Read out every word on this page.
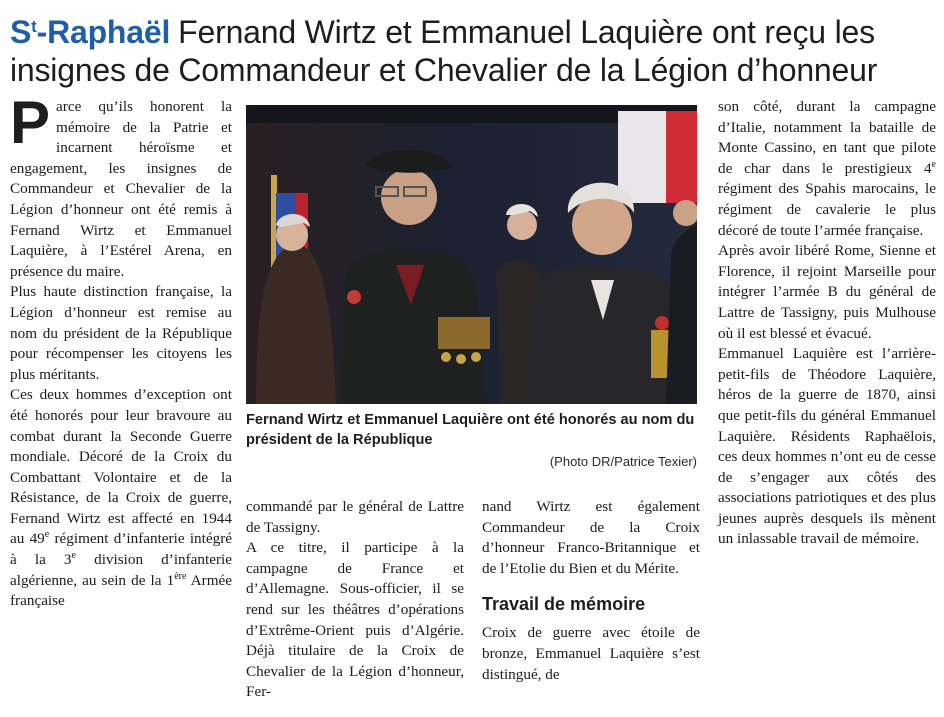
$S^t$-Raphaël Fernand Wirtz et Emmanuel Laquière ont reçu les insignes de Commandeur et Chevalier de la Légion d’honneur

Parce qu’ils honorent la mémoire de la Patrie et incarnent héroïsme et engagement, les insignes de Commandeur et Chevalier de la Légion d’honneur ont été remis à Fernand Wirtz et Emmanuel Laquière, à l’Estérel Arena, en présence du maire.

Plus haute distinction française, la Légion d’honneur est remise au nom du président de la République pour récompenser les citoyens les plus méritants.

Ces deux hommes d’exception ont été honorés pour leur bravoure au combat durant la Seconde Guerre mondiale. Décoré de la Croix du Combattant Volontaire et de la Résistance, de la Croix de guerre, Fernand Wirtz est affecté en 1944 au 49e régiment d’infanterie intégré à la 3e division d’infanterie algérienne, au sein de la 1ère Armée française

Fernand Wirtz et Emmanuel Laquière ont été honorés au nom du président de la République
(Photo DR/Patrice Texier)

commandé par le général de Lattre de Tassigny.

A ce titre, il participe à la campagne de France et d’Allemagne. Sous-officier, il se rend sur les théâtres d’opérations d’Extrême-Orient puis d’Algérie. Déjà titulaire de la Croix de Chevalier de la Légion d’honneur, Fer-

nand Wirtz est également Commandeur de la Croix d’honneur Franco-Britannique et de l’Etolie du Bien et du Mérite.

Travail de mémoire

Croix de guerre avec étoile de bronze, Emmanuel Laquière s’est distingué, de

son côté, durant la campagne d’Italie, notamment la bataille de Monte Cassino, en tant que pilote de char dans le prestigieux 4e régiment des Spahis marocains, le régiment de cavalerie le plus décoré de toute l’armée française.

Après avoir libéré Rome, Sienne et Florence, il rejoint Marseille pour intégrer l’armée B du général de Lattre de Tassigny, puis Mulhouse où il est blessé et évacué.

Emmanuel Laquière est l’arrière-petit-fils de Théodore Laquière, héros de la guerre de 1870, ainsi que petit-fils du général Emmanuel Laquière. Résidents Raphaëlois, ces deux hommes n’ont eu de cesse de s’engager aux côtés des associations patriotiques et des plus jeunes auprès desquels ils mènent un inlassable travail de mémoire.
